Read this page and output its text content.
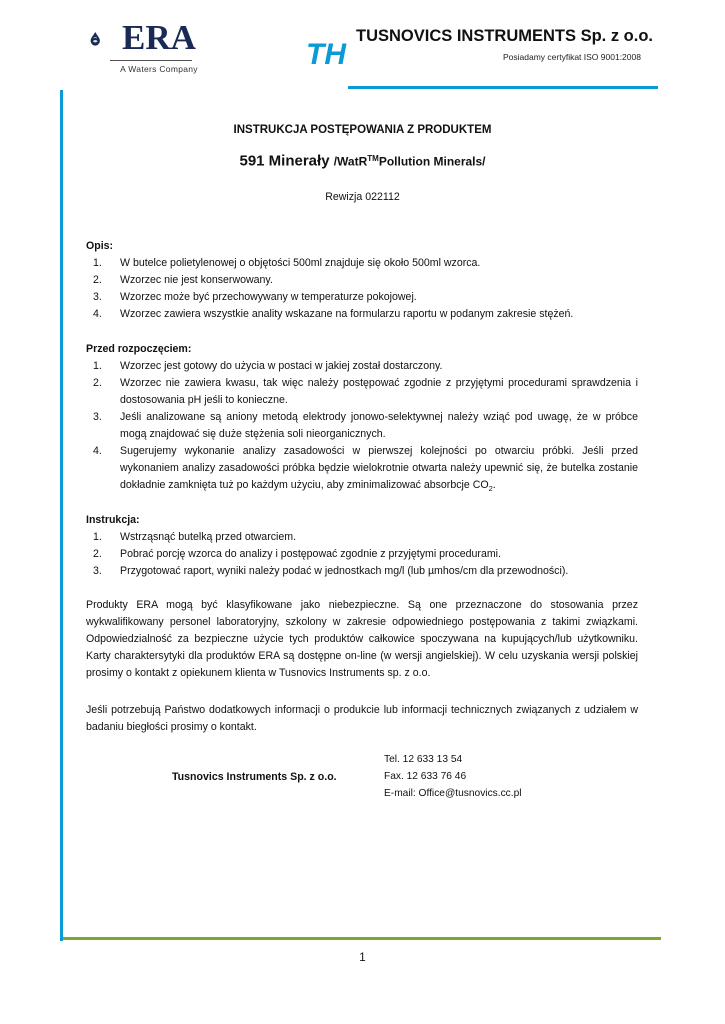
ERA
A Waters Company	TH
TUSNOVICS INSTRUMENTS Sp. z o.o.
Posiadamy certyfikat ISO 9001:2008
INSTRUKCJA POSTĘPOWANIA Z PRODUKTEM
591 Minerały /WatR™Pollution Minerals/
Rewizja 022112
Opis:
1.	W butelce polietylenowej o objętości 500ml znajduje się około 500ml wzorca.
2.	Wzorzec nie jest konserwowany.
3.	Wzorzec może być przechowywany w temperaturze pokojowej.
4.	Wzorzec zawiera wszystkie anality wskazane na formularzu raportu w podanym zakresie stężeń.
Przed rozpoczęciem:
1.	Wzorzec jest gotowy do użycia w postaci w jakiej został dostarczony.
2.	Wzorzec nie zawiera kwasu, tak więc należy postępować zgodnie z przyjętymi procedurami sprawdzenia i dostosowania pH jeśli to konieczne.
3.	Jeśli analizowane są aniony metodą elektrody jonowo-selektywnej należy wziąć pod uwagę, że w próbce mogą znajdować się duże stężenia soli nieorganicznych.
4.	Sugerujemy wykonanie analizy zasadowości w pierwszej kolejności po otwarciu próbki. Jeśli przed wykonaniem analizy zasadowości próbka będzie wielokrotnie otwarta należy upewnić się, że butelka zostanie dokładnie zamknięta tuż po każdym użyciu, aby zminimalizować absorbcje $CO_2$.
Instrukcja:
1.	Wstrząsnąć butelką przed otwarciem.
2.	Pobrać porcję wzorca do analizy i postępować zgodnie z przyjętymi procedurami.
3.	Przygotować raport, wyniki należy podać w jednostkach mg/l (lub µmhos/cm dla przewodności).
Produkty ERA mogą być klasyfikowane jako niebezpieczne. Są one przeznaczone do stosowania przez wykwalifikowany personel laboratoryjny, szkolony w zakresie odpowiedniego postępowania z takimi związkami. Odpowiedzialność za bezpieczne użycie tych produktów całkowice spoczywana na kupujących/lub użytkowniku. Karty charaktersytyki dla produktów ERA są dostępne on-line (w wersji angielskiej). W celu uzyskania wersji polskiej prosimy o kontakt z opiekunem klienta w Tusnovics Instruments sp. z o.o.
Jeśli potrzebują Państwo dodatkowych informacji o produkcie lub informacji technicznych związanych z udziałem w badaniu biegłości prosimy o kontakt.
Tusnovics Instruments Sp. z o.o.
Tel. 12 633 13 54
Fax. 12 633 76 46
E-mail: Office@tusnovics.cc.pl
1
